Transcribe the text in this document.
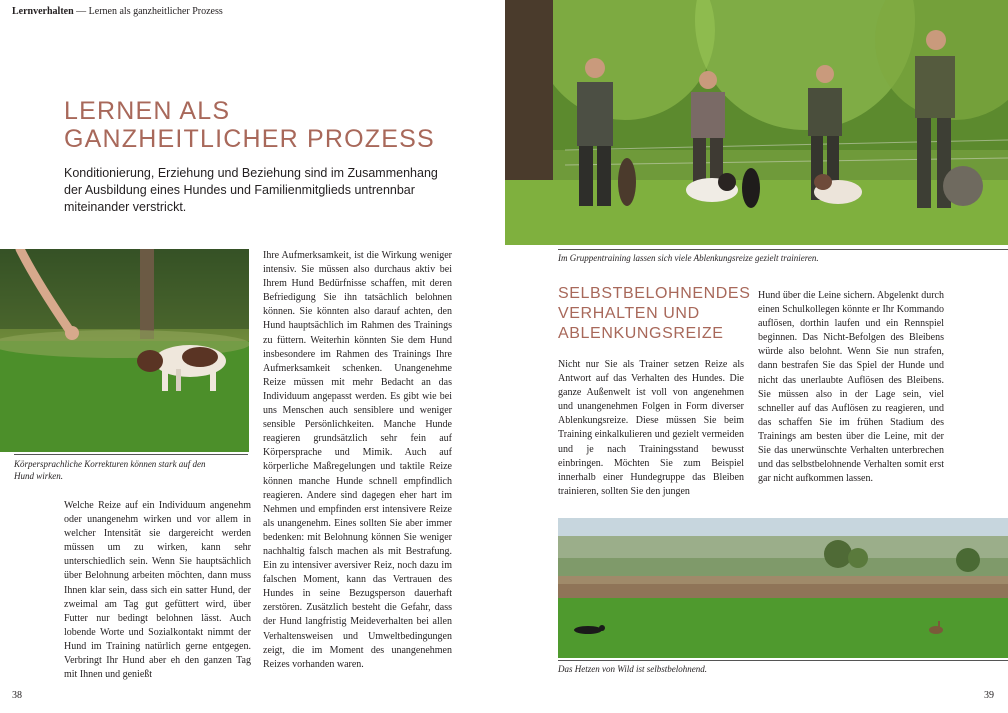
Lernverhalten — Lernen als ganzheitlicher Prozess
LERNEN ALS GANZHEITLICHER PROZESS
Konditionierung, Erziehung und Beziehung sind im Zusammenhang der Ausbildung eines Hundes und Familienmitglieds untrennbar miteinander verstrickt.
Körpersprachliche Korrekturen können stark auf den Hund wirken.

Welche Reize auf ein Individuum angenehm oder unangenehm wirken und vor allem in welcher Intensität sie dargereicht werden müssen um zu wirken, kann sehr unterschiedlich sein. Wenn Sie hauptsächlich über Belohnung arbeiten möchten, dann muss Ihnen klar sein, dass sich ein satter Hund, der zweimal am Tag gut gefüttert wird, über Futter nur bedingt belohnen lässt. Auch lobende Worte und Sozialkontakt nimmt der Hund im Training natürlich gerne entgegen. Verbringt Ihr Hund aber eh den ganzen Tag mit Ihnen und genießt

Ihre Aufmerksamkeit, ist die Wirkung weniger intensiv. Sie müssen also durchaus aktiv bei Ihrem Hund Bedürfnisse schaffen, mit deren Befriedigung Sie ihn tatsächlich belohnen können. Sie könnten also darauf achten, den Hund hauptsächlich im Rahmen des Trainings zu füttern. Weiterhin könnten Sie dem Hund insbesondere im Rahmen des Trainings Ihre Aufmerksamkeit schenken. Unangenehme Reize müssen mit mehr Bedacht an das Individuum angepasst werden. Es gibt wie bei uns Menschen auch sensiblere und weniger sensible Persönlichkeiten. Manche Hunde reagieren grundsätzlich sehr fein auf Körpersprache und Mimik. Auch auf körperliche Maßregelungen und taktile Reize können manche Hunde schnell empfindlich reagieren. Andere sind dagegen eher hart im Nehmen und empfinden erst intensivere Reize als unangenehm. Eines sollten Sie aber immer bedenken: mit Belohnung können Sie weniger nachhaltig falsch machen als mit Bestrafung. Ein zu intensiver aversiver Reiz, noch dazu im falschen Moment, kann das Vertrauen des Hundes in seine Bezugsperson dauerhaft zerstören. Zusätzlich besteht die Gefahr, dass der Hund langfristig Meideverhalten bei allen Verhaltensweisen und Umweltbedingungen zeigt, die im Moment des unangenehmen Reizes vorhanden waren.

38
Im Gruppentraining lassen sich viele Ablenkungsreize gezielt trainieren.
SELBSTBELOHNENDES VERHALTEN UND ABLENKUNGSREIZE

Nicht nur Sie als Trainer setzen Reize als Antwort auf das Verhalten des Hundes. Die ganze Außenwelt ist voll von angenehmen und unangenehmen Folgen in Form diverser Ablenkungsreize. Diese müssen Sie beim Training einkalkulieren und gezielt vermeiden und je nach Trainingsstand bewusst einbringen. Möchten Sie zum Beispiel innerhalb einer Hundegruppe das Bleiben trainieren, sollten Sie den jungen

Hund über die Leine sichern. Abgelenkt durch einen Schulkollegen könnte er Ihr Kommando auflösen, dorthin laufen und ein Rennspiel beginnen. Das Nicht-Befolgen des Bleibens würde also belohnt. Wenn Sie nun strafen, dann bestrafen Sie das Spiel der Hunde und nicht das unerlaubte Auflösen des Bleibens. Sie müssen also in der Lage sein, viel schneller auf das Auflösen zu reagieren, und das schaffen Sie im frühen Stadium des Trainings am besten über die Leine, mit der Sie das unerwünschte Verhalten unterbrechen und das selbstbelohnende Verhalten somit erst gar nicht aufkommen lassen.

Das Hetzen von Wild ist selbstbelohnend.
39
